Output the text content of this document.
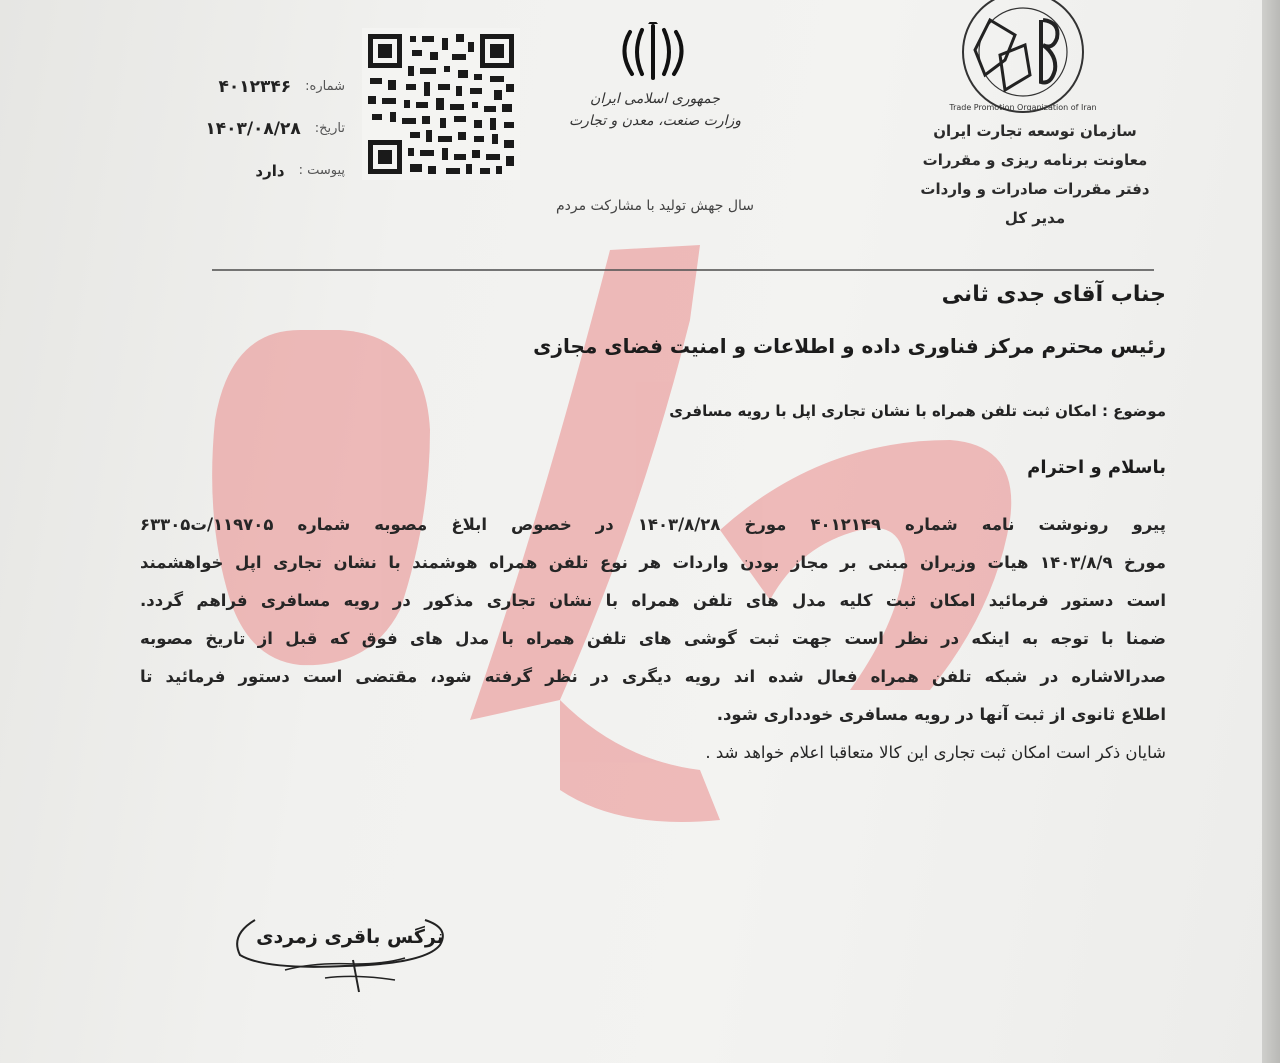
Trade Promotion Organization of Iran
سازمان توسعه تجارت ایران
معاونت برنامه ریزی و مقررات
دفتر مقررات صادرات و واردات
مدیر کل
جمهوری اسلامی ایران
وزارت صنعت، معدن و تجارت
سال جهش تولید با مشارکت مردم
شماره:
۴۰۱۲۳۴۶
تاریخ:
۱۴۰۳/۰۸/۲۸
پیوست :
دارد
جناب آقای جدی ثانی
رئیس محترم مرکز فناوری داده و اطلاعات و امنیت فضای مجازی
موضوع : امکان ثبت تلفن همراه با نشان تجاری اپل با رویه مسافری
باسلام و احترام
پیرو رونوشت نامه شماره ۴۰۱۲۱۴۹ مورخ ۱۴۰۳/۸/۲۸ در خصوص ابلاغ مصوبه شماره ۱۱۹۷۰۵/ت۶۳۳۰۵
مورخ ۱۴۰۳/۸/۹ هیات وزیران مبنی بر مجاز بودن واردات هر نوع تلفن همراه هوشمند با نشان تجاری اپل خواهشمند
است دستور فرمائید امکان ثبت کلیه مدل های تلفن همراه با نشان تجاری مذکور در رویه مسافری فراهم گردد.
ضمنا با توجه به اینکه در نظر است جهت ثبت گوشی های تلفن همراه با مدل های فوق که قبل از تاریخ مصوبه
صدرالاشاره در شبکه تلفن همراه فعال شده اند رویه دیگری در نظر گرفته شود، مقتضی است دستور فرمائید تا
اطلاع ثانوی از ثبت آنها در رویه مسافری خودداری شود.
شایان ذکر است امکان ثبت تجاری این کالا متعاقبا اعلام خواهد شد .
نرگس باقری زمردی
